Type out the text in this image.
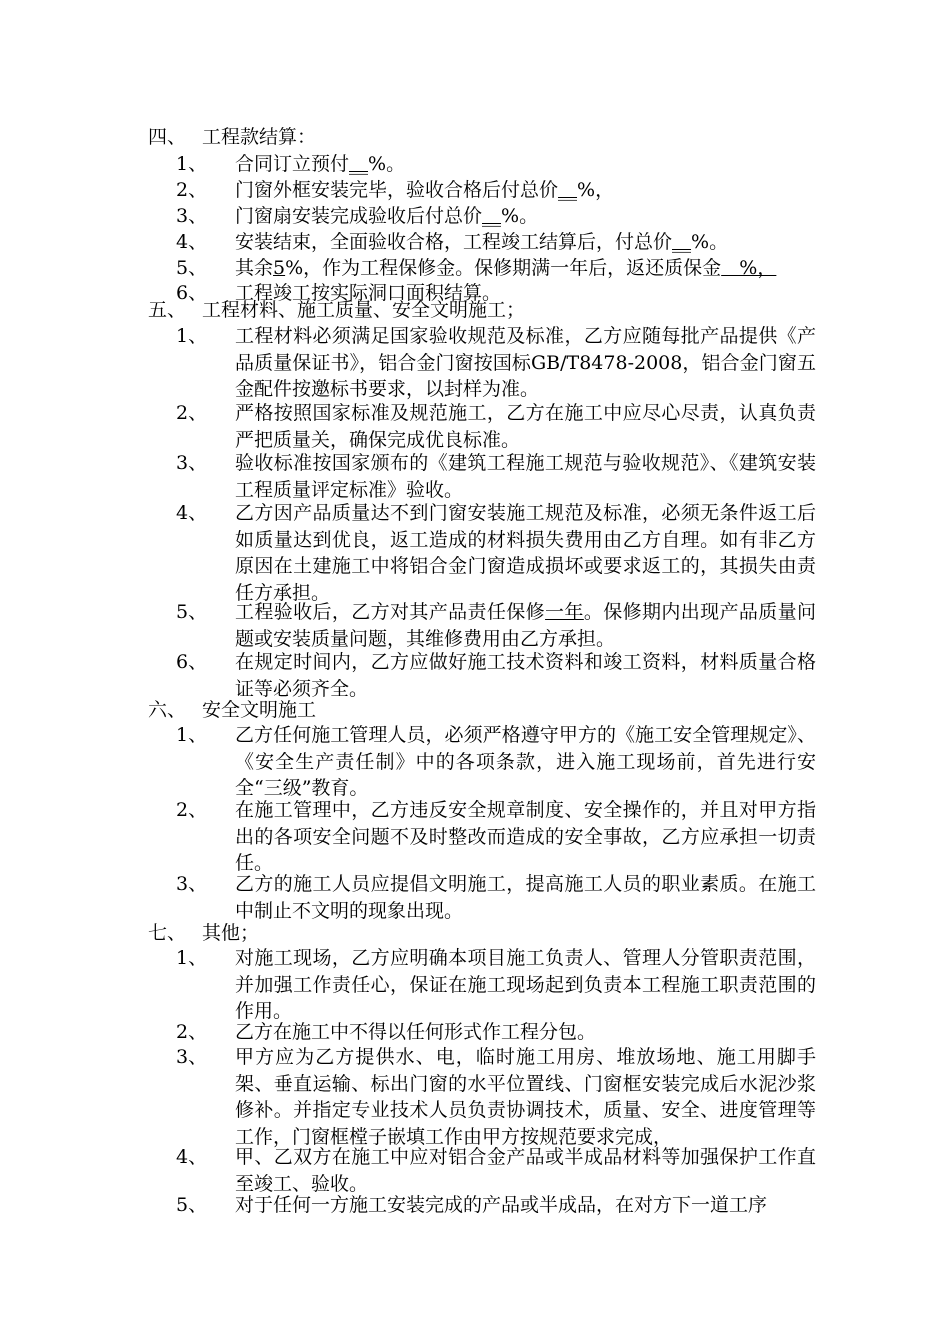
四、 工程款结算：
1、	合同订立预付__%。
2、	门窗外框安装完毕，验收合格后付总价__%，
3、	门窗扇安装完成验收后付总价__%。
4、	安装结束，全面验收合格，工程竣工结算后，付总价__%。
5、	其余5%，作为工程保修金。保修期满一年后，返还质保金   %，
6、	工程竣工按实际洞口面积结算。
五、 工程材料、施工质量、安全文明施工；
1、	工程材料必须满足国家验收规范及标准，乙方应随每批产品提供《产品质量保证书》，铝合金门窗按国标GB/T8478-2008，铝合金门窗五金配件按邀标书要求，以封样为准。
2、	严格按照国家标准及规范施工，乙方在施工中应尽心尽责，认真负责严把质量关，确保完成优良标准。
3、	验收标准按国家颁布的《建筑工程施工规范与验收规范》、《建筑安装工程质量评定标准》验收。
4、	乙方因产品质量达不到门窗安装施工规范及标准，必须无条件返工后如质量达到优良，返工造成的材料损失费用由乙方自理。如有非乙方原因在土建施工中将铝合金门窗造成损坏或要求返工的，其损失由责任方承担。
5、	工程验收后，乙方对其产品责任保修一年。保修期内出现产品质量问题或安装质量问题，其维修费用由乙方承担。
6、	在规定时间内，乙方应做好施工技术资料和竣工资料，材料质量合格证等必须齐全。
六、 安全文明施工
1、	乙方任何施工管理人员，必须严格遵守甲方的《施工安全管理规定》、《安全生产责任制》中的各项条款，进入施工现场前，首先进行安全“三级”教育。
2、	在施工管理中，乙方违反安全规章制度、安全操作的，并且对甲方指出的各项安全问题不及时整改而造成的安全事故，乙方应承担一切责任。
3、	乙方的施工人员应提倡文明施工，提高施工人员的职业素质。在施工中制止不文明的现象出现。
七、 其他；
1、	对施工现场，乙方应明确本项目施工负责人、管理人分管职责范围，并加强工作责任心，保证在施工现场起到负责本工程施工职责范围的作用。
2、	乙方在施工中不得以任何形式作工程分包。
3、	甲方应为乙方提供水、电，临时施工用房、堆放场地、施工用脚手架、垂直运输、标出门窗的水平位置线、门窗框安装完成后水泥沙浆修补。并指定专业技术人员负责协调技术，质量、安全、进度管理等工作，门窗框樘子嵌填工作由甲方按规范要求完成，
4、	甲、乙双方在施工中应对铝合金产品或半成品材料等加强保护工作直至竣工、验收。
5、	对于任何一方施工安装完成的产品或半成品，在对方下一道工序
